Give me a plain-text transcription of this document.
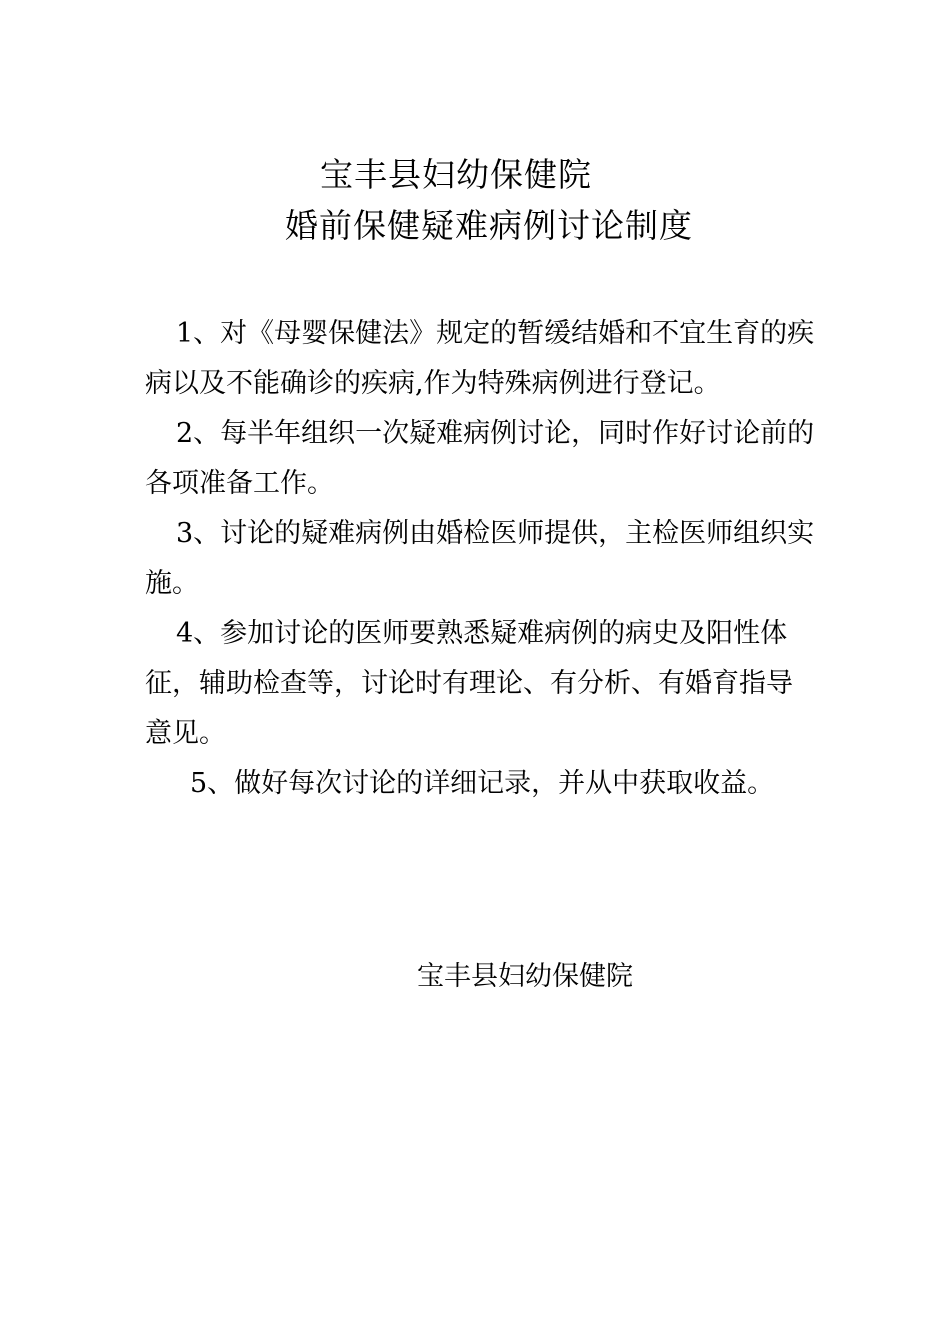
宝丰县妇幼保健院
婚前保健疑难病例讨论制度

1、对《母婴保健法》规定的暂缓结婚和不宜生育的疾病以及不能确诊的疾病,作为特殊病例进行登记。

2、每半年组织一次疑难病例讨论，同时作好讨论前的各项准备工作。

3、讨论的疑难病例由婚检医师提供，主检医师组织实施。

4、参加讨论的医师要熟悉疑难病例的病史及阳性体征，辅助检查等，讨论时有理论、有分析、有婚育指导意见。

5、做好每次讨论的详细记录，并从中获取收益。

宝丰县妇幼保健院
